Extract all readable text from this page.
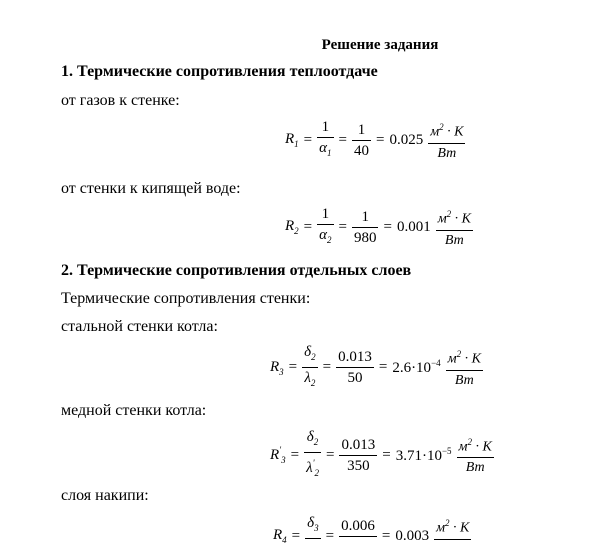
Решение задания
1. Термические сопротивления теплоотдаче
от газов к стенке:
$R_1 = \frac{1}{\alpha_1} = \frac{1}{40} = 0.025$ $м^2 \cdot K$
Вт
от стенки к кипящей воде:
$R_2 = \frac{1}{\alpha_2} = \frac{1}{980} = 0.001$ $м^2 \cdot K$
Вт
2. Термические сопротивления отдельных слоев
Термические сопротивления стенки:
стальной стенки котла:
$R_3 = \frac{\delta_2}{\lambda_2} = \frac{0.013}{50} = 2.6\cdot 10^{-4}$ $м^2 \cdot K$
Вт
медной стенки котла:
$R'_3 = \frac{\delta_2}{\lambda'_2} = \frac{0.013}{350} = 3.71\cdot 10^{-5}$ $м^2 \cdot K$
Вт
слоя накипи:
$R_4$ =
$\delta_3$
=
0.006

= 0.003 $м^2 \cdot K$
